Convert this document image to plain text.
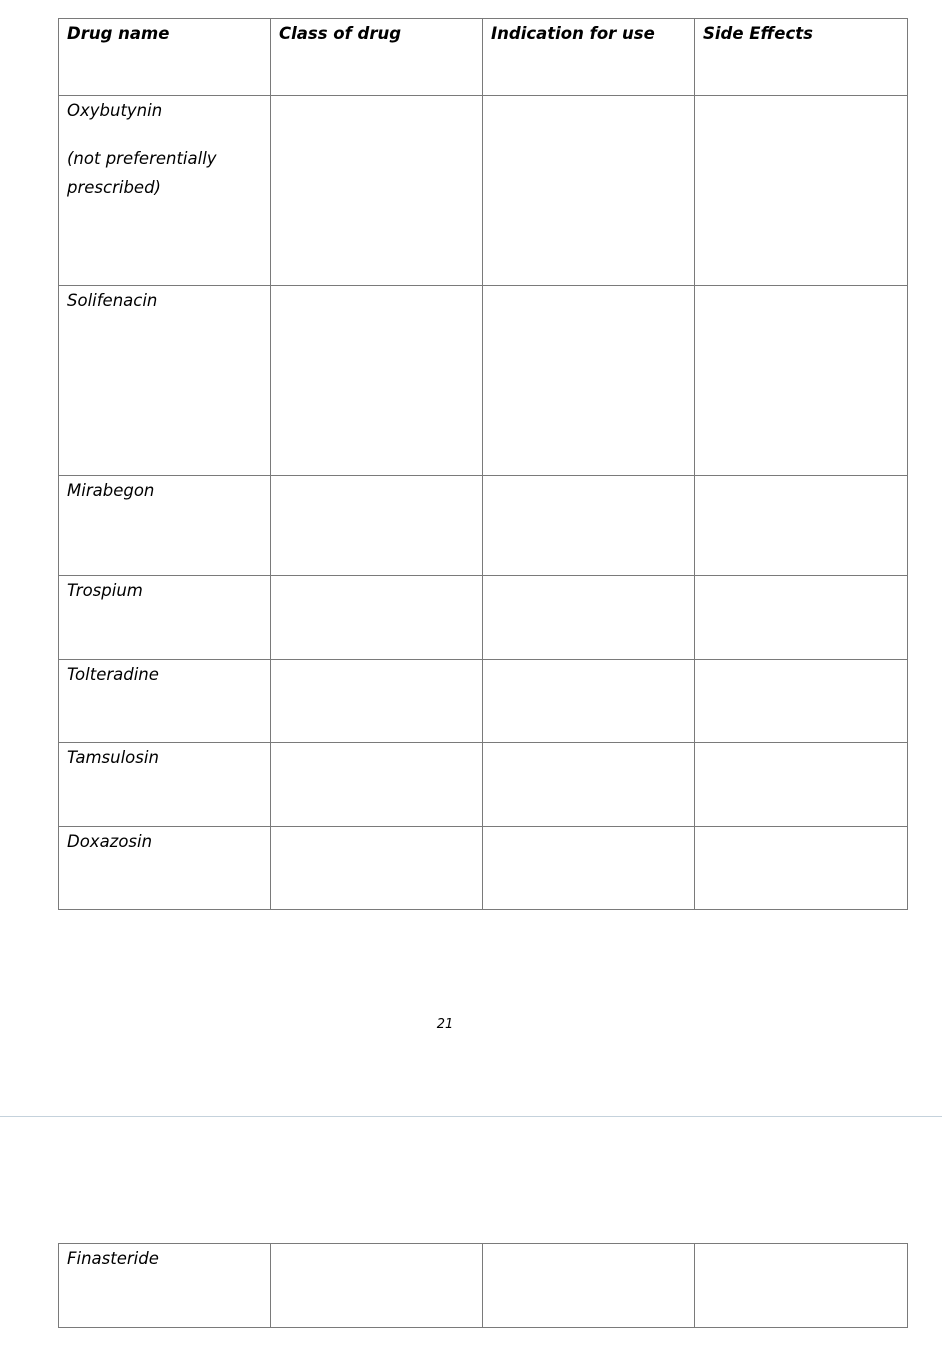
Drug name	Class of drug	Indication for use	Side Effects

Oxybutynin
(not preferentially prescribed)			

Solifenacin			

Mirabegon			

Trospium			

Tolteradine			

Tamsulosin			

Doxazosin			

21
Finasteride
